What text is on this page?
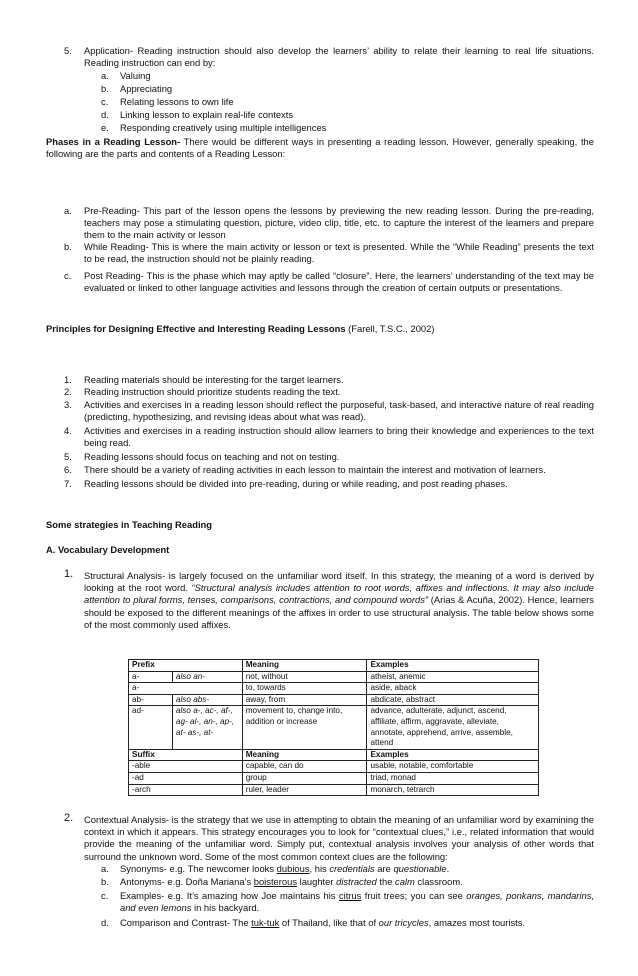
5. Application- Reading instruction should also develop the learners’ ability to relate their learning to real life situations. Reading instruction can end by:
a. Valuing
b. Appreciating
c. Relating lessons to own life
d. Linking lesson to explain real-life contexts
e. Responding creatively using multiple intelligences
Phases in a Reading Lesson- There would be different ways in presenting a reading lesson. However, generally speaking, the following are the parts and contents of a Reading Lesson:
a. Pre-Reading- This part of the lesson opens the lessons by previewing the new reading lesson. During the pre-reading, teachers may pose a stimulating question, picture, video clip, title, etc. to capture the interest of the learners and prepare them to the main activity or lesson
b. While Reading- This is where the main activity or lesson or text is presented. While the “While Reading” presents the text to be read, the instruction should not be plainly reading.
c. Post Reading- This is the phase which may aptly be called “closure”. Here, the learners’ understanding of the text may be evaluated or linked to other language activities and lessons through the creation of certain outputs or presentations.
Principles for Designing Effective and Interesting Reading Lessons (Farell, T.S.C., 2002)
1. Reading materials should be interesting for the target learners.
2. Reading instruction should prioritize students reading the text.
3. Activities and exercises in a reading lesson should reflect the purposeful, task-based, and interactive nature of real reading (predicting, hypothesizing, and revising ideas about what was read).
4. Activities and exercises in a reading instruction should allow learners to bring their knowledge and experiences to the text being read.
5. Reading lessons should focus on teaching and not on testing.
6. There should be a variety of reading activities in each lesson to maintain the interest and motivation of learners.
7. Reading lessons should be divided into pre-reading, during or while reading, and post reading phases.
Some strategies in Teaching Reading
A. Vocabulary Development
1. Structural Analysis- is largely focused on the unfamiliar word itself. In this strategy, the meaning of a word is derived by looking at the root word. “Structural analysis includes attention to root words, affixes and inflections. It may also include attention to plural forms, tenses, comparisons, contractions, and compound words” (Arias & Acuña, 2002). Hence, learners should be exposed to the different meanings of the affixes in order to use structural analysis. The table below shows some of the most commonly used affixes.
Prefix		Meaning	Examples
a-	also an-	not, without	atheist, anemic
a-		to, towards	aside, aback
ab-	also abs-	away, from	abdicate, abstract
ad-	also a-, ac-, af-, ag- al-, an-, ap-, at- as-, at-	movement to, change into, addition or increase	advance, adulterate, adjunct, ascend, affiliate, affirm, aggravate, alleviate, annotate, apprehend, arrive, assemble, attend
Suffix		Meaning	Examples
-able		capable, can do	usable, notable, comfortable
-ad		group	triad, monad
-arch		ruler, leader	monarch, tetrarch
2. Contextual Analysis- is the strategy that we use in attempting to obtain the meaning of an unfamiliar word by examining the context in which it appears. This strategy encourages you to look for “contextual clues,” i.e., related information that would provide the meaning of the unfamiliar word. Simply put, contextual analysis involves your analysis of other words that surround the unknown word. Some of the most common context clues are the following:
a. Synonyms- e.g. The newcomer looks dubious, his credentials are questionable.
b. Antonyms- e.g. Doña Mariana’s boisterous laughter distracted the calm classroom.
c. Examples- e.g. It’s amazing how Joe maintains his citrus fruit trees; you can see oranges, ponkans, mandarins, and even lemons in his backyard.
d. Comparison and Contrast- The tuk-tuk of Thailand, like that of our tricycles, amazes most tourists.
